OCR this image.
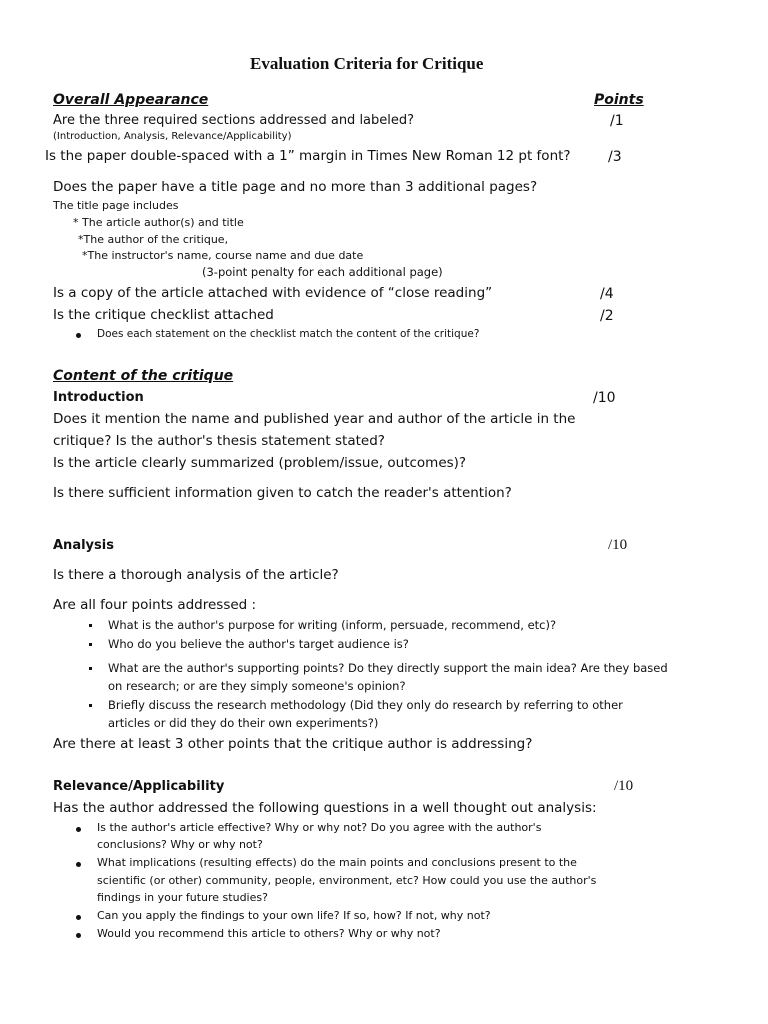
Evaluation Criteria for Critique
Overall Appearance	Points
Are the three required sections addressed and labeled?	/1
(Introduction, Analysis, Relevance/Applicability)
Is the paper double-spaced with a 1” margin in Times New Roman 12 pt font?	/3
Does the paper have a title page and no more than 3 additional pages?
The title page includes
* The article author(s) and title
*The author of the critique,
*The instructor's name, course name and due date
(3-point penalty for each additional page)
Is a copy of the article attached with evidence of “close reading”	/4
Is the critique checklist attached	/2
Does each statement on the checklist match the content of the critique?
Content of the critique
Introduction	/10
Does it mention the name and published year and author of the article in the
critique? Is the author's thesis statement stated?
Is the article clearly summarized (problem/issue, outcomes)?
Is there sufficient information given to catch the reader's attention?
Analysis	/10
Is there a thorough analysis of the article?
Are all four points addressed :
What is the author's purpose for writing (inform, persuade, recommend, etc)?
Who do you believe the author's target audience is?
What are the author's supporting points? Do they directly support the main idea? Are they based
on research; or are they simply someone's opinion?
Briefly discuss the research methodology (Did they only do research by referring to other
articles or did they do their own experiments?)
Are there at least 3 other points that the critique author is addressing?
Relevance/Applicability	/10
Has the author addressed the following questions in a well thought out analysis:
Is the author's article effective? Why or why not? Do you agree with the author's
conclusions? Why or why not?
What implications (resulting effects) do the main points and conclusions present to the
scientific (or other) community, people, environment, etc? How could you use the author's
findings in your future studies?
Can you apply the findings to your own life? If so, how? If not, why not?
Would you recommend this article to others? Why or why not?
